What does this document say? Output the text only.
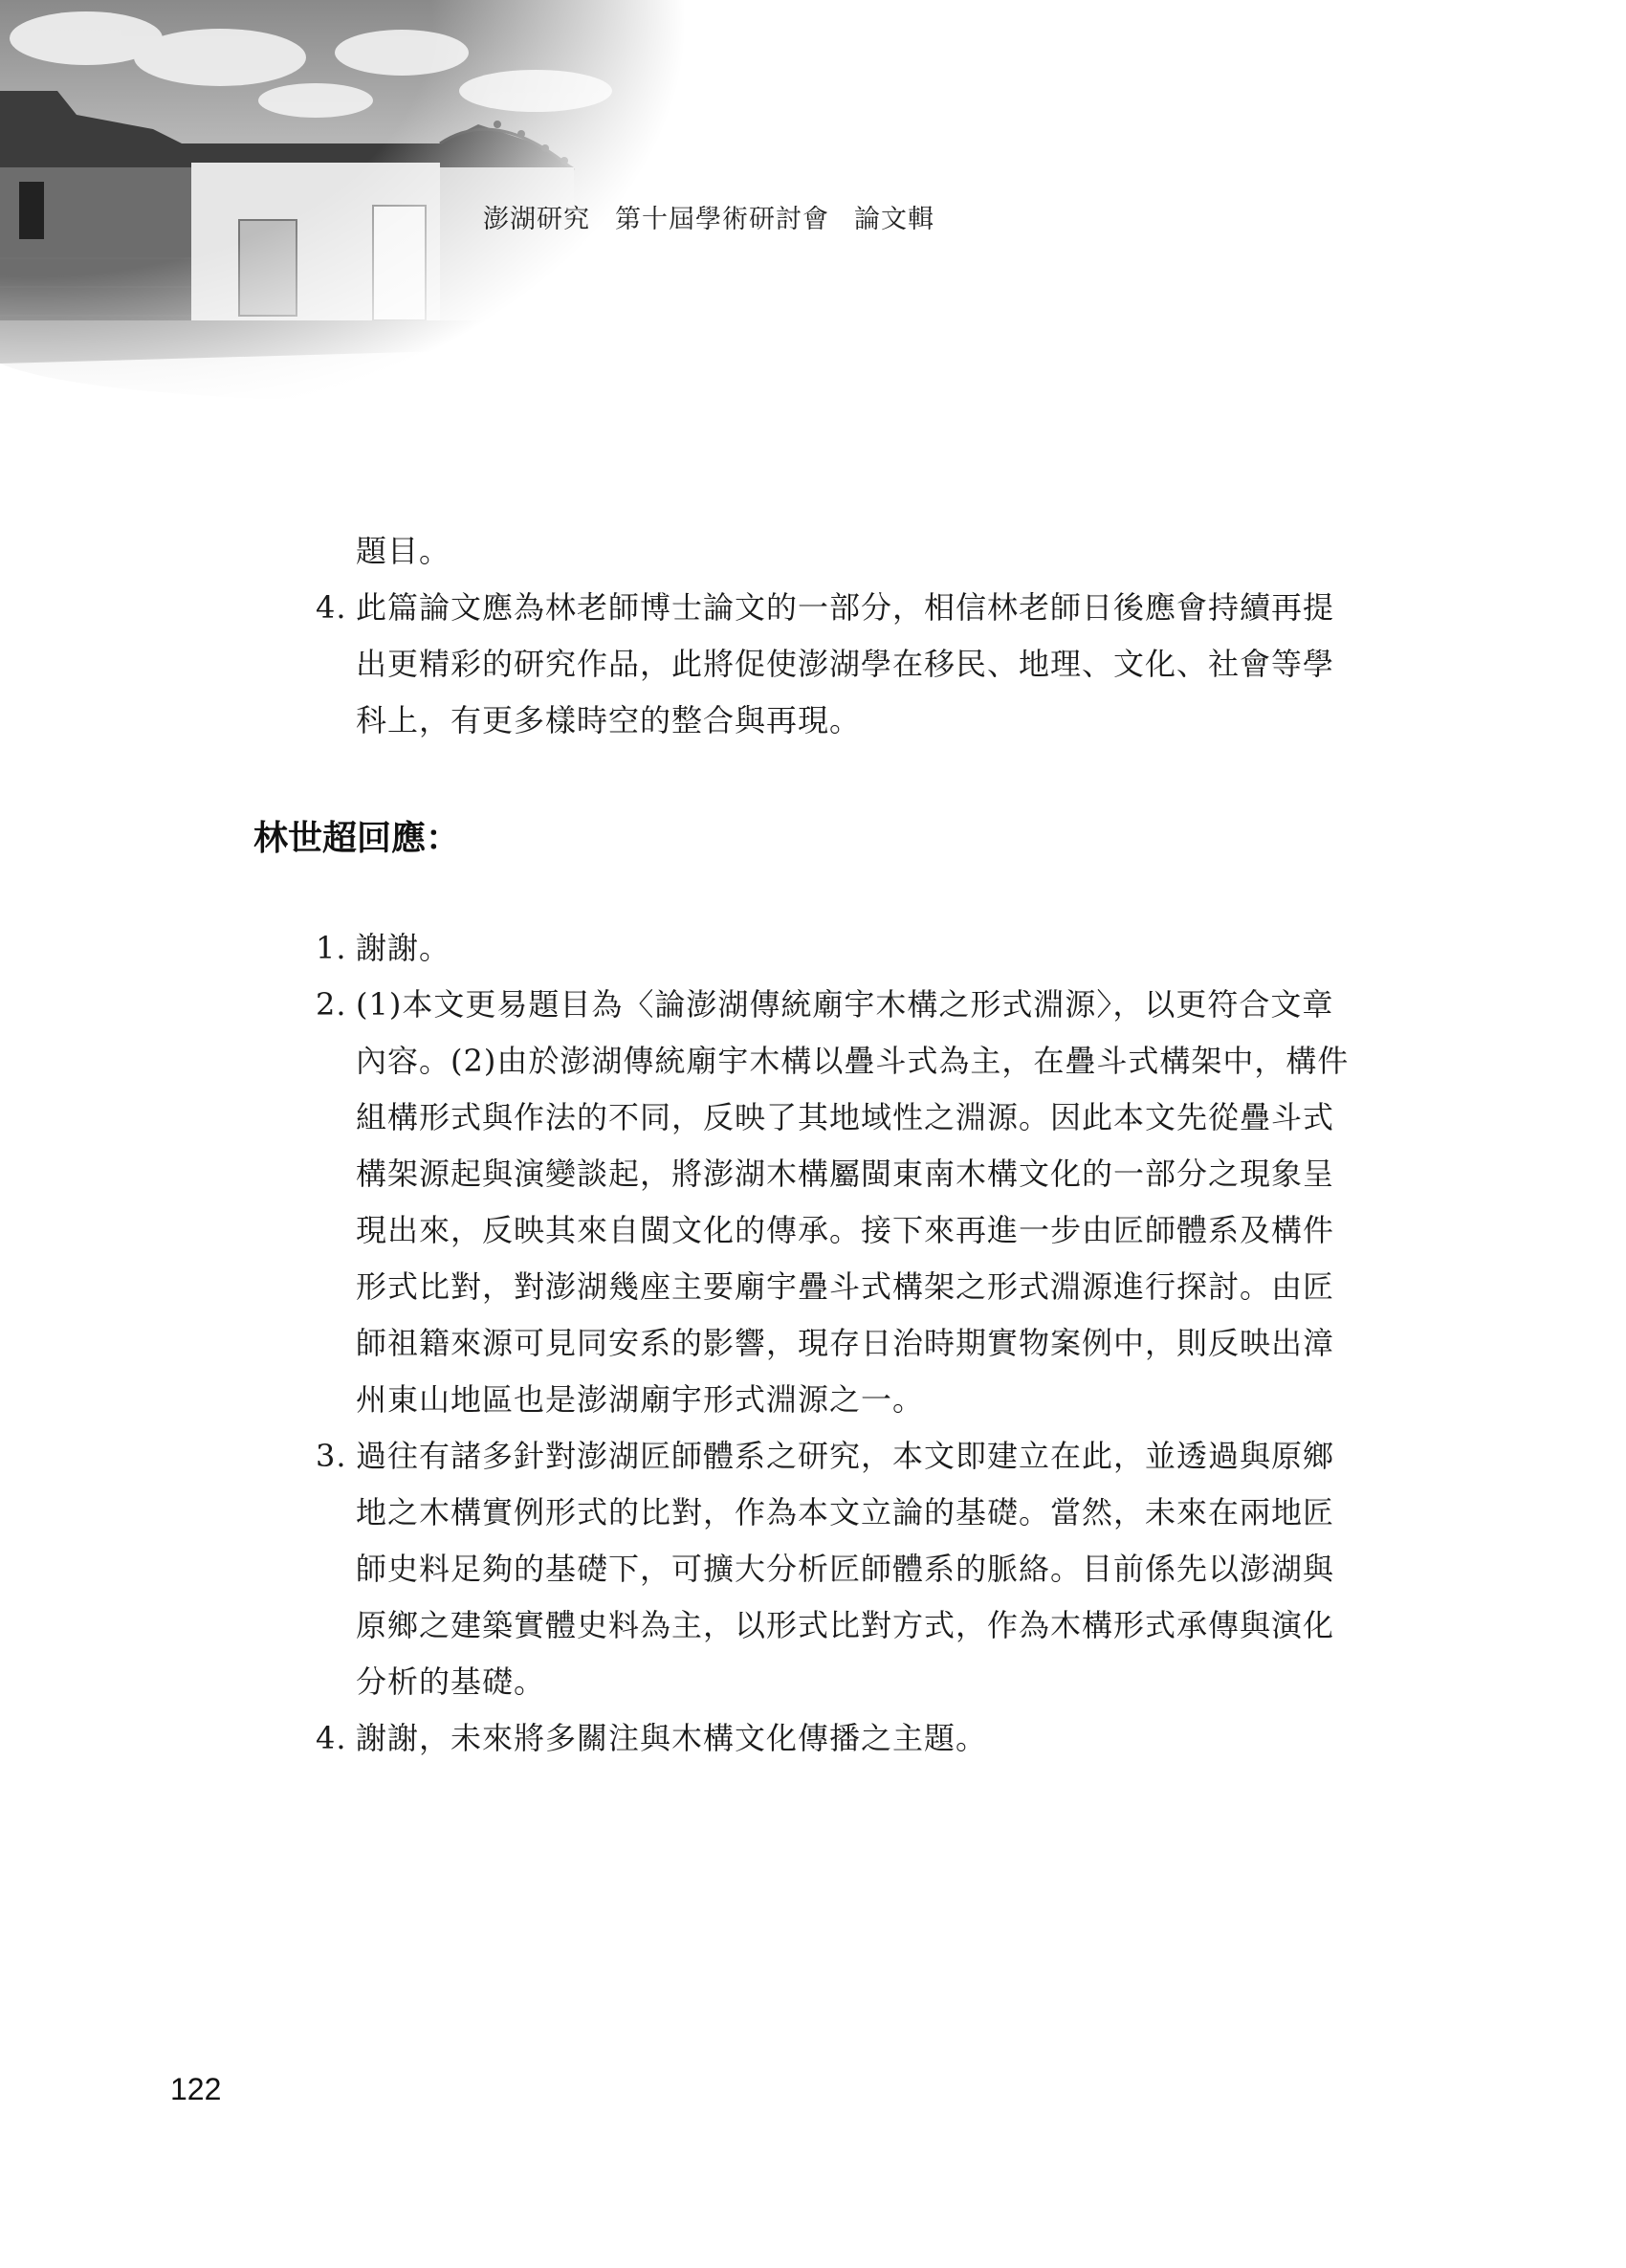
澎湖研究 第十屆學術研討會 論文輯
題目。
4. 此篇論文應為林老師博士論文的一部分，相信林老師日後應會持續再提
出更精彩的研究作品，此將促使澎湖學在移民、地理、文化、社會等學
科上，有更多樣時空的整合與再現。
林世超回應：
1. 謝謝。
2. (1)本文更易題目為〈論澎湖傳統廟宇木構之形式淵源〉，以更符合文章
內容。(2)由於澎湖傳統廟宇木構以疊斗式為主，在疊斗式構架中，構件
組構形式與作法的不同，反映了其地域性之淵源。因此本文先從疊斗式
構架源起與演變談起，將澎湖木構屬閩東南木構文化的一部分之現象呈
現出來，反映其來自閩文化的傳承。接下來再進一步由匠師體系及構件
形式比對，對澎湖幾座主要廟宇疊斗式構架之形式淵源進行探討。由匠
師祖籍來源可見同安系的影響，現存日治時期實物案例中，則反映出漳
州東山地區也是澎湖廟宇形式淵源之一。
3. 過往有諸多針對澎湖匠師體系之研究，本文即建立在此，並透過與原鄉
地之木構實例形式的比對，作為本文立論的基礎。當然，未來在兩地匠
師史料足夠的基礎下，可擴大分析匠師體系的脈絡。目前係先以澎湖與
原鄉之建築實體史料為主，以形式比對方式，作為木構形式承傳與演化
分析的基礎。
4. 謝謝，未來將多關注與木構文化傳播之主題。
122
